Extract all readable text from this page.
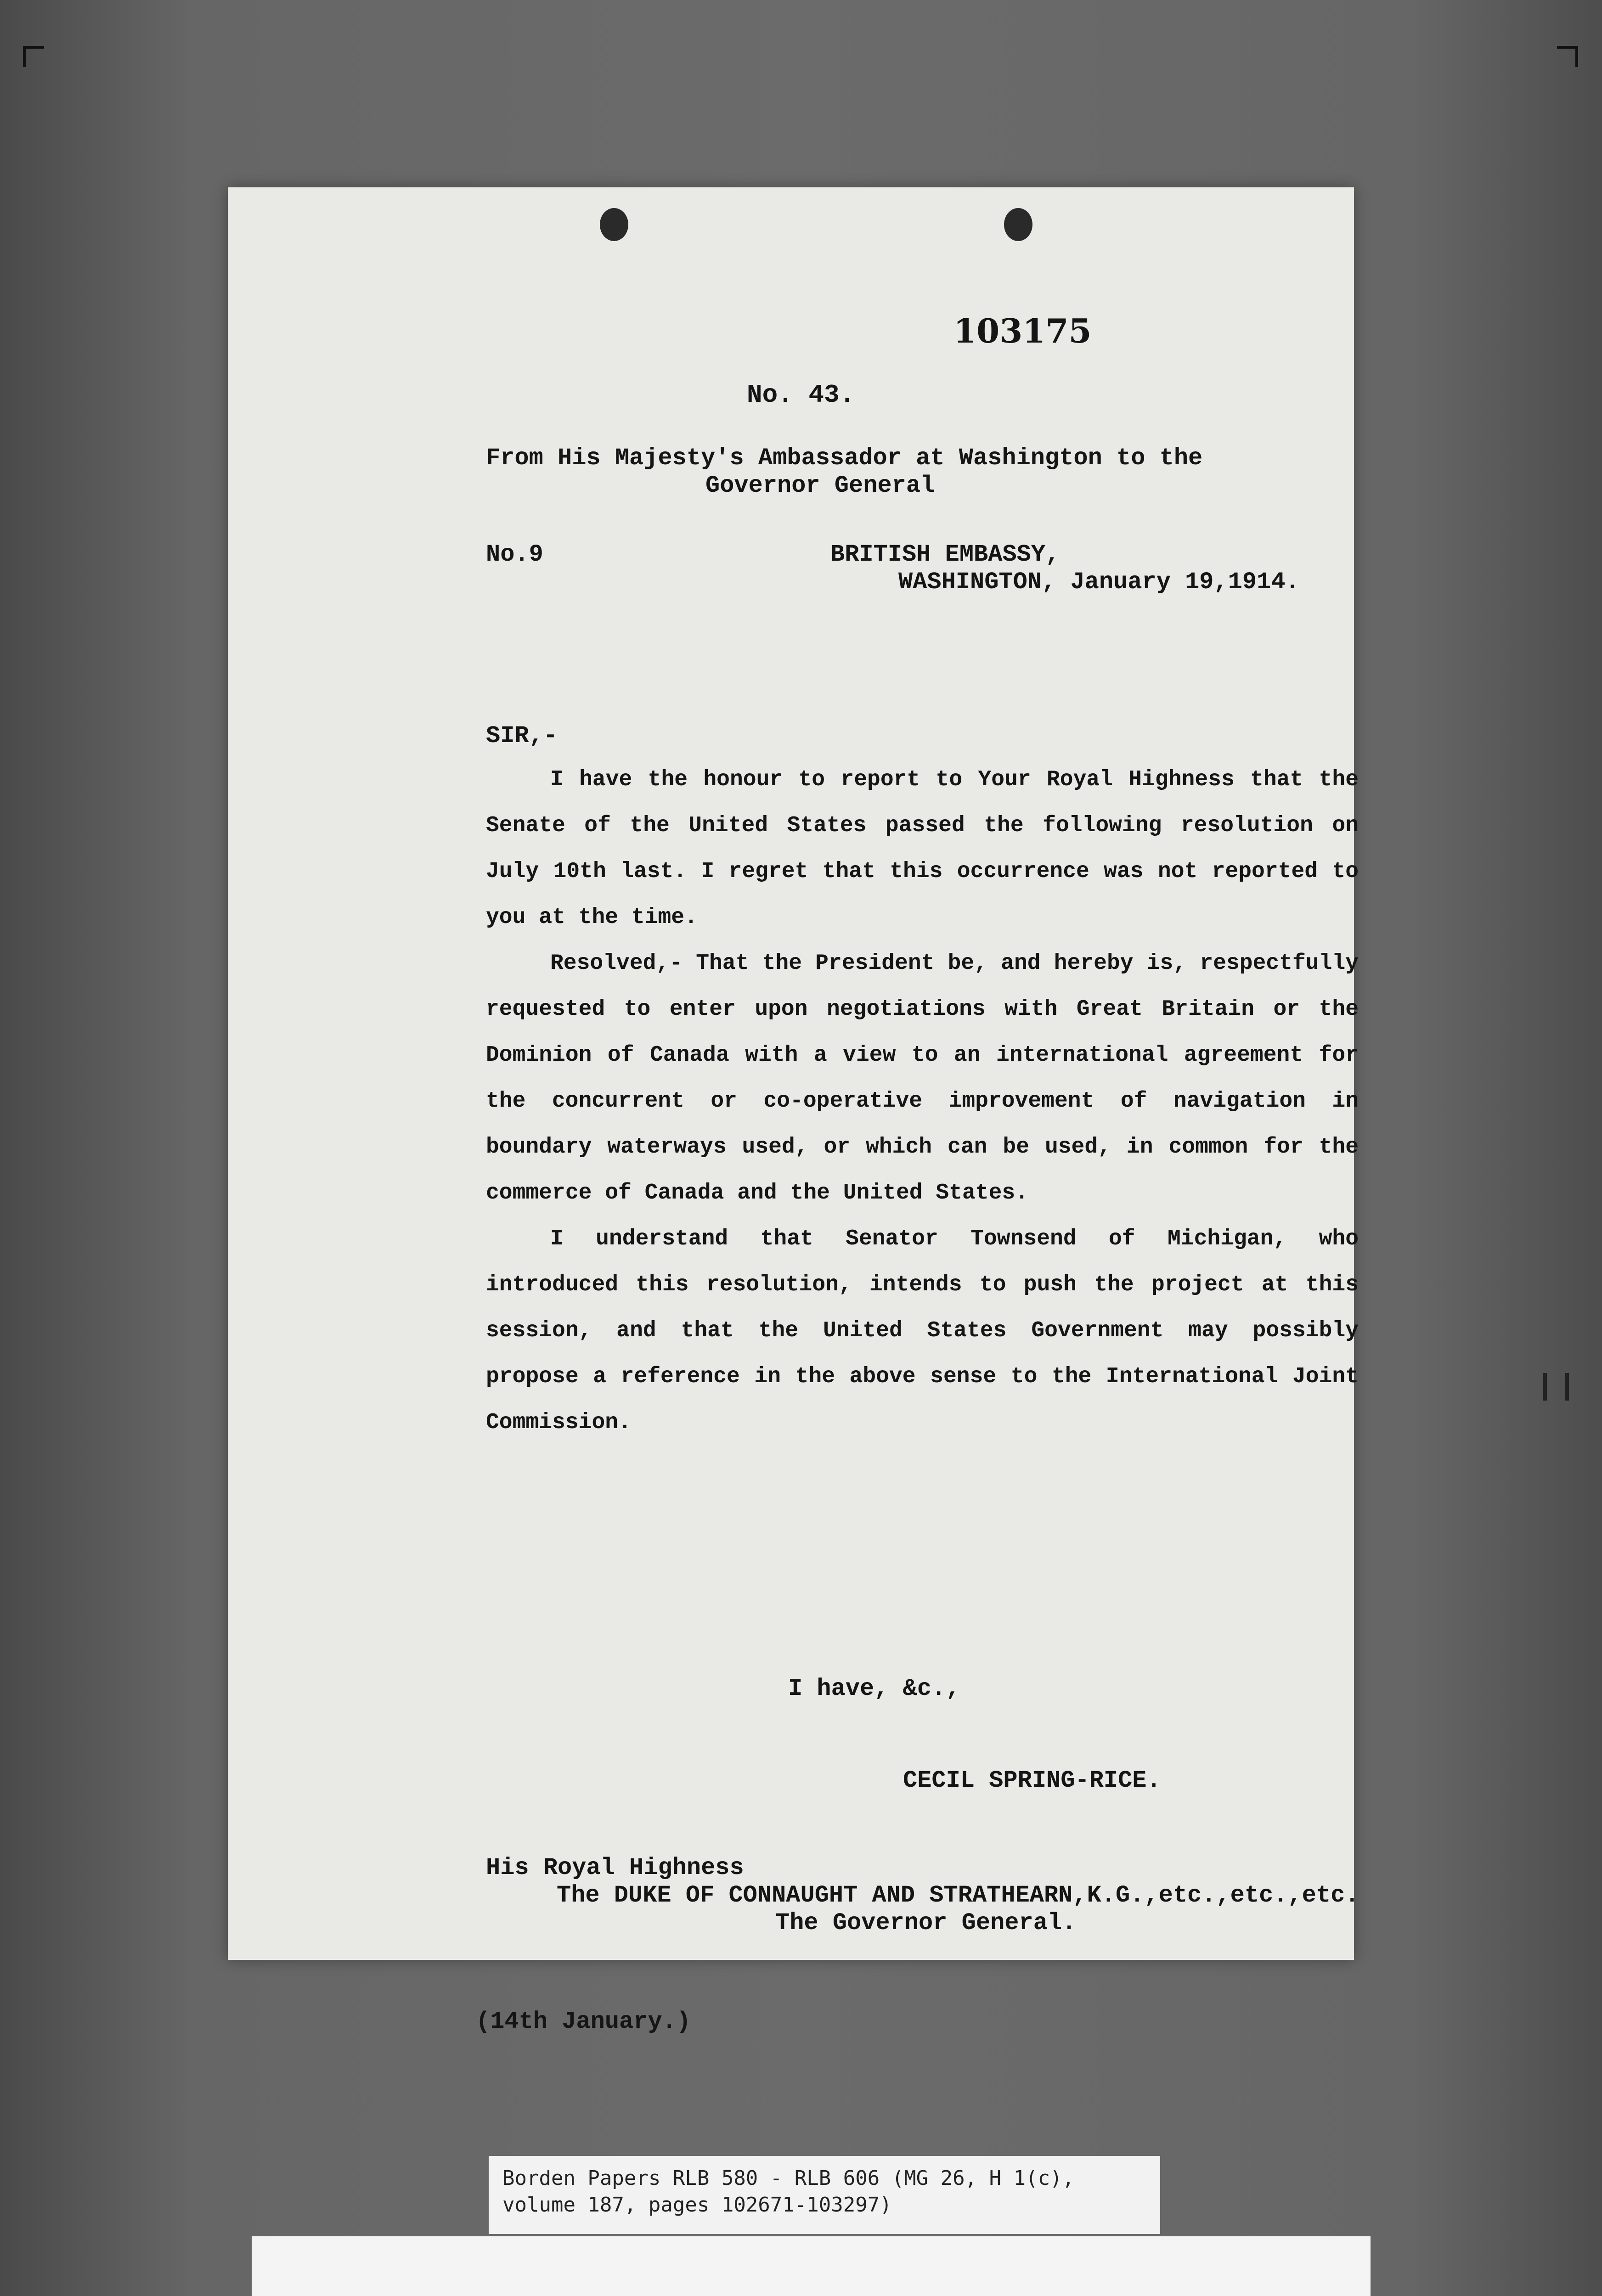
103175
No. 43.
From His Majesty's Ambassador at Washington to the
Governor General
No.9	BRITISH EMBASSY,
WASHINGTON, January 19,1914.
SIR,-

I have the honour to report to Your Royal Highness that the Senate of the United States passed the following resolution on July 10th last. I regret that this occurrence was not reported to you at the time.

Resolved,- That the President be, and hereby is, respectfully requested to enter upon negotiations with Great Britain or the Dominion of Canada with a view to an international agreement for the concurrent or co-operative improvement of navigation in boundary waterways used, or which can be used, in common for the commerce of Canada and the United States.

I understand that Senator Townsend of Michigan, who introduced this resolution, intends to push the project at this session, and that the United States Government may possibly propose a reference in the above sense to the International Joint Commission.

I have, &c.,
CECIL SPRING-RICE.
His Royal Highness
The DUKE OF CONNAUGHT AND STRATHEARN,K.G.,etc.,etc.,etc.
The Governor General.
(14th January.)
Borden Papers RLB 580 - RLB 606 (MG 26, H 1(c),
volume 187, pages 102671-103297)
